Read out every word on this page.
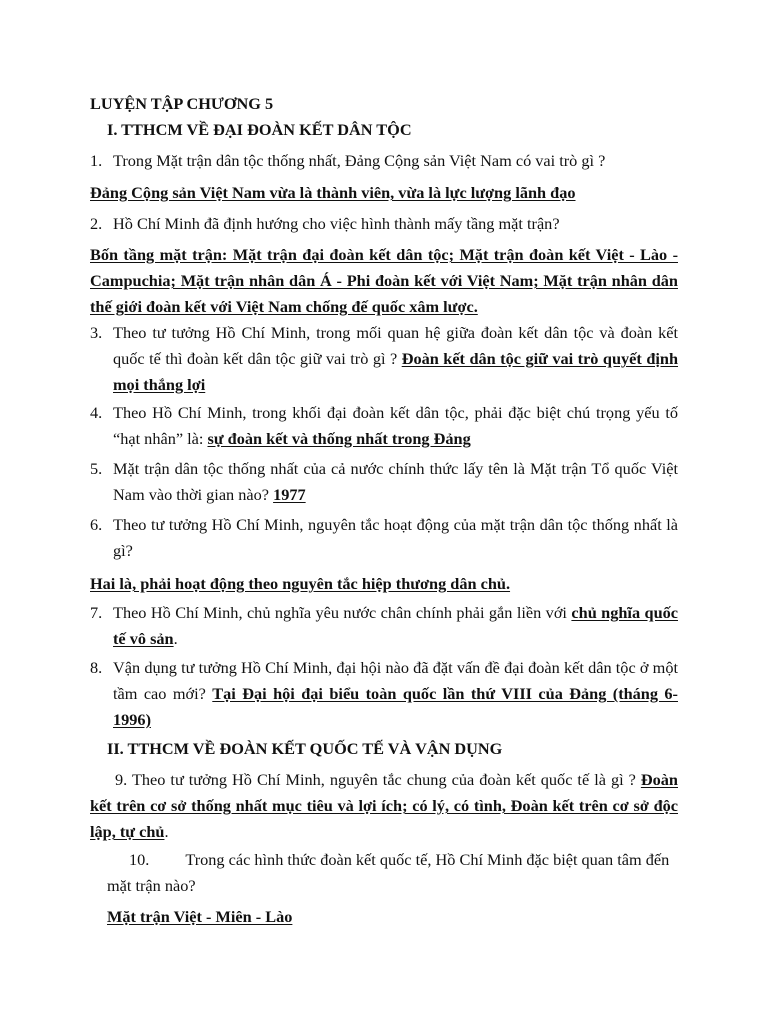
LUYỆN TẬP CHƯƠNG 5
I. TTHCM VỀ ĐẠI ĐOÀN KẾT DÂN TỘC
1. Trong Mặt trận dân tộc thống nhất, Đảng Cộng sản Việt Nam có vai trò gì ?
Đảng Cộng sản Việt Nam vừa là thành viên, vừa là lực lượng lãnh đạo
2. Hồ Chí Minh đã định hướng cho việc hình thành mấy tầng mặt trận?
Bốn tầng mặt trận: Mặt trận đại đoàn kết dân tộc; Mặt trận đoàn kết Việt - Lào - Campuchia; Mặt trận nhân dân Á - Phi đoàn kết với Việt Nam; Mặt trận nhân dân thế giới đoàn kết với Việt Nam chống đế quốc xâm lược.
3. Theo tư tưởng Hồ Chí Minh, trong mối quan hệ giữa đoàn kết dân tộc và đoàn kết quốc tế thì đoàn kết dân tộc giữ vai trò gì ? Đoàn kết dân tộc giữ vai trò quyết định mọi thắng lợi
4. Theo Hồ Chí Minh, trong khối đại đoàn kết dân tộc, phải đặc biệt chú trọng yếu tố “hạt nhân” là: sự đoàn kết và thống nhất trong Đảng
5. Mặt trận dân tộc thống nhất của cả nước chính thức lấy tên là Mặt trận Tổ quốc Việt Nam vào thời gian nào? 1977
6. Theo tư tưởng Hồ Chí Minh, nguyên tắc hoạt động của mặt trận dân tộc thống nhất là gì?
Hai là, phải hoạt động theo nguyên tắc hiệp thương dân chủ.
7. Theo Hồ Chí Minh, chủ nghĩa yêu nước chân chính phải gắn liền với chủ nghĩa quốc tế vô sản.
8. Vận dụng tư tưởng Hồ Chí Minh, đại hội nào đã đặt vấn đề đại đoàn kết dân tộc ở một tầm cao mới? Tại Đại hội đại biểu toàn quốc lần thứ VIII của Đảng (tháng 6-1996)
II. TTHCM VỀ ĐOÀN KẾT QUỐC TẾ VÀ VẬN DỤNG
9. Theo tư tưởng Hồ Chí Minh, nguyên tắc chung của đoàn kết quốc tế là gì ? Đoàn kết trên cơ sở thống nhất mục tiêu và lợi ích; có lý, có tình, Đoàn kết trên cơ sở độc lập, tự chủ.
10. Trong các hình thức đoàn kết quốc tế, Hồ Chí Minh đặc biệt quan tâm đến mặt trận nào?
Mặt trận Việt - Miên - Lào
